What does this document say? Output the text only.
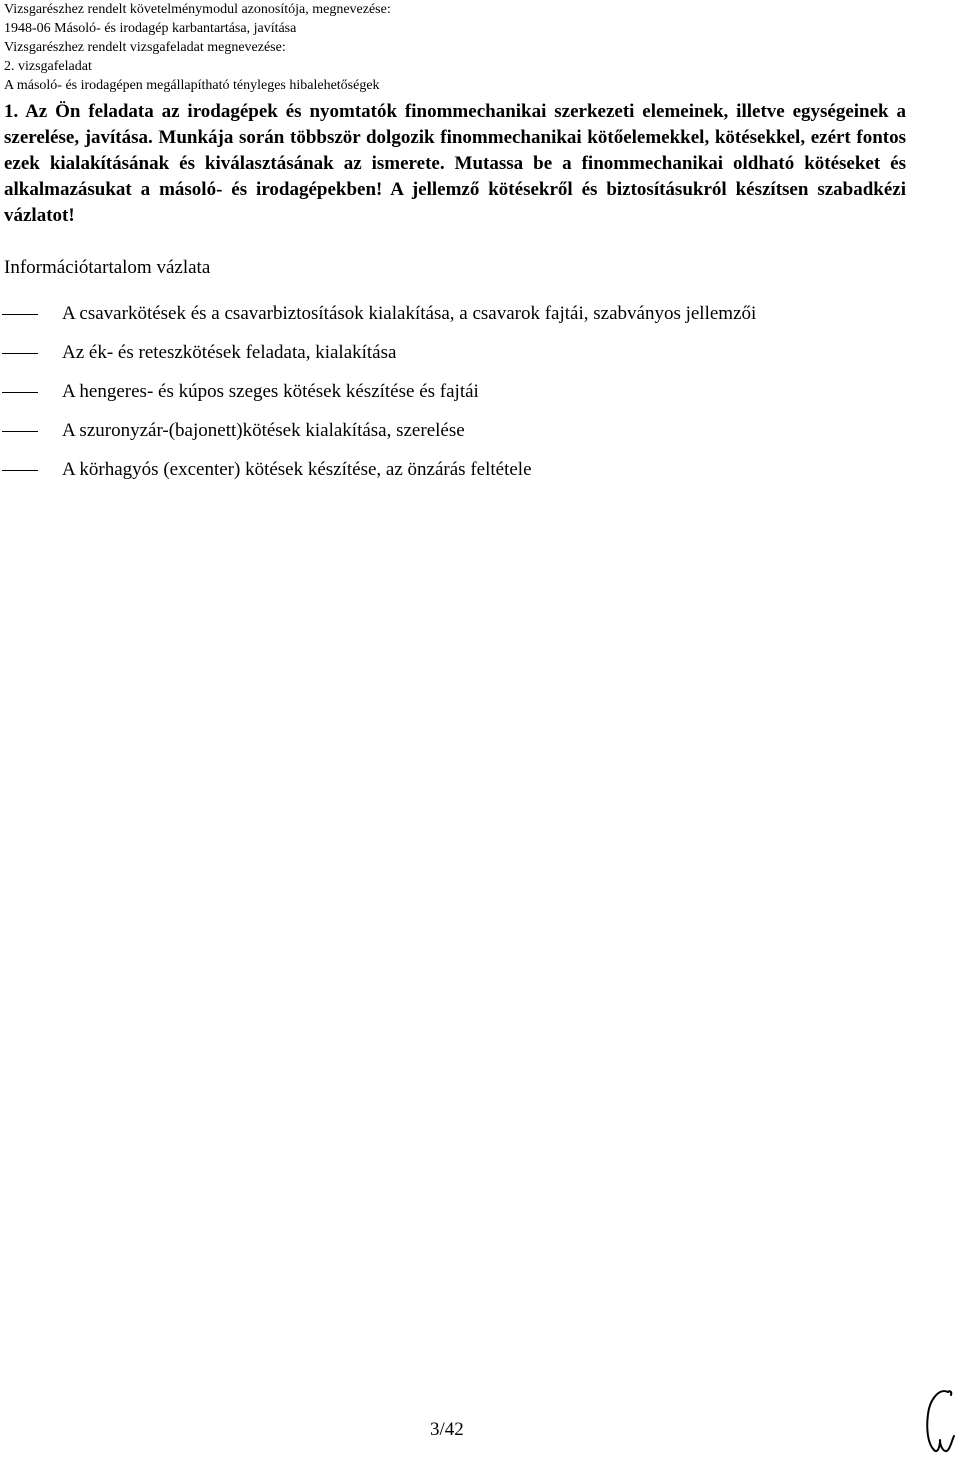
Vizsgarészhez rendelt követelménymodul azonosítója, megnevezése:
1948-06 Másoló- és irodagép karbantartása, javítása
Vizsgarészhez rendelt vizsgafeladat megnevezése:
2. vizsgafeladat
A másoló- és irodagépen megállapítható tényleges hibalehetőségek
1. Az Ön feladata az irodagépek és nyomtatók finommechanikai szerkezeti elemeinek, illetve egységeinek a szerelése, javítása. Munkája során többször dolgozik finommechanikai kötőelemekkel, kötésekkel, ezért fontos ezek kialakításának és kiválasztásának az ismerete. Mutassa be a finommechanikai oldható kötéseket és alkalmazásukat a másoló- és irodagépekben! A jellemző kötésekről és biztosításukról készítsen szabadkézi vázlatot!
Információtartalom vázlata
A csavarkötések és a csavarbiztosítások kialakítása, a csavarok fajtái, szabványos jellemzői
Az ék- és reteszkötések feladata, kialakítása
A hengeres- és kúpos szeges kötések készítése és fajtái
A szuronyzár-(bajonett)kötések kialakítása, szerelése
A körhagyós (excenter) kötések készítése, az önzárás feltétele
3/42
